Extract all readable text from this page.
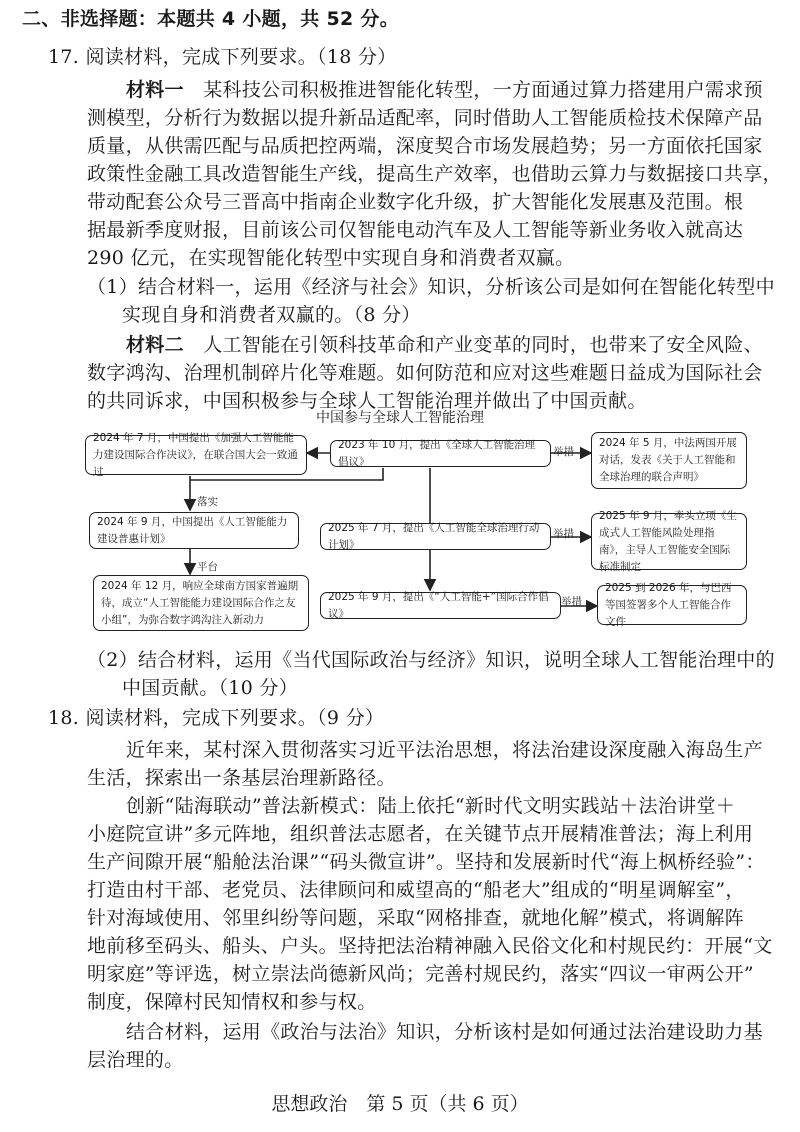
二、非选择题：本题共 4 小题，共 52 分。
17. 阅读材料，完成下列要求。（18 分）
材料一　 某科技公司积极推进智能化转型，一方面通过算力搭建用户需求预
测模型，分析行为数据以提升新品适配率，同时借助人工智能质检技术保障产品
质量，从供需匹配与品质把控两端，深度契合市场发展趋势；另一方面依托国家
政策性金融工具改造智能生产线，提高生产效率，也借助云算力与数据接口共享，
带动配套公众号三晋高中指南企业数字化升级，扩大智能化发展惠及范围。根
据最新季度财报，目前该公司仅智能电动汽车及人工智能等新业务收入就高达
290 亿元，在实现智能化转型中实现自身和消费者双赢。
（1）结合材料一，运用《经济与社会》知识，分析该公司是如何在智能化转型中
实现自身和消费者双赢的。（8 分）
材料二　 人工智能在引领科技革命和产业变革的同时，也带来了安全风险、
数字鸿沟、治理机制碎片化等难题。如何防范和应对这些难题日益成为国际社会
的共同诉求，中国积极参与全球人工智能治理并做出了中国贡献。
中国参与全球人工智能治理
2024 年 7 月，中国提出《加强人工智能能力建设国际合作决议》，在联合国大会一致通过
2023 年 10 月，提出《全球人工智能治理倡议》
2024 年 5 月，中法两国开展对话，发表《关于人工智能和全球治理的联合声明》
落实
举措
2024 年 9 月，中国提出《人工智能能力建设普惠计划》
2025 年 7 月，提出《人工智能全球治理行动计划》
举措
2025 年 9 月，牵头立项《生成式人工智能风险处理指南》，主导人工智能安全国际标准制定
平台
2024 年 12 月，响应全球南方国家普遍期待，成立“人工智能能力建设国际合作之友小组”，为弥合数字鸿沟注入新动力
2025 年 9 月，提出《“人工智能+”国际合作倡议》
举措
2025 到 2026 年，与巴西等国签署多个人工智能合作文件
（2）结合材料，运用《当代国际政治与经济》知识，说明全球人工智能治理中的
中国贡献。（10 分）
18. 阅读材料，完成下列要求。（9 分）
近年来，某村深入贯彻落实习近平法治思想，将法治建设深度融入海岛生产
生活，探索出一条基层治理新路径。
创新“陆海联动”普法新模式：陆上依托“新时代文明实践站＋法治讲堂＋
小庭院宣讲”多元阵地，组织普法志愿者，在关键节点开展精准普法；海上利用
生产间隙开展“船舱法治课”“码头微宣讲”。坚持和发展新时代“海上枫桥经验”：
打造由村干部、老党员、法律顾问和威望高的“船老大”组成的“明星调解室”，
针对海域使用、邻里纠纷等问题，采取“网格排查，就地化解”模式，将调解阵
地前移至码头、船头、户头。坚持把法治精神融入民俗文化和村规民约：开展“文
明家庭”等评选，树立崇法尚德新风尚；完善村规民约，落实“四议一审两公开”
制度，保障村民知情权和参与权。
结合材料，运用《政治与法治》知识，分析该村是如何通过法治建设助力基
层治理的。
思想政治　第 5 页（共 6 页）
